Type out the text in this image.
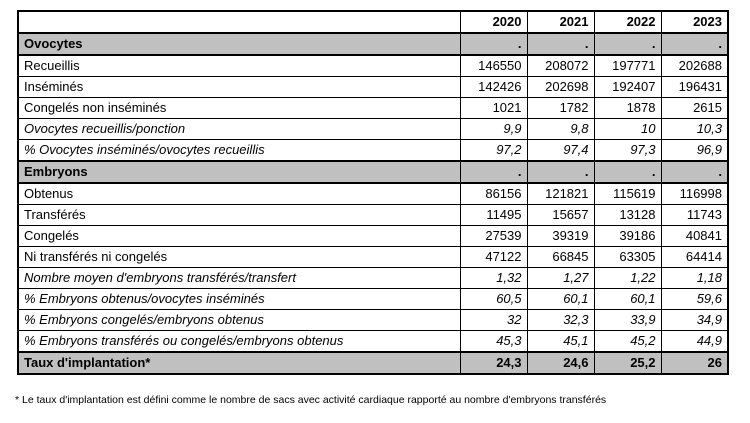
	2020	2021	2022	2023
Ovocytes	.	.	.	.
Recueillis	146550	208072	197771	202688
Inséminés	142426	202698	192407	196431
Congelés non inséminés	1021	1782	1878	2615
Ovocytes recueillis/ponction	9,9	9,8	10	10,3
% Ovocytes inséminés/ovocytes recueillis	97,2	97,4	97,3	96,9
Embryons	.	.	.	.
Obtenus	86156	121821	115619	116998
Transférés	11495	15657	13128	11743
Congelés	27539	39319	39186	40841
Ni transférés ni congelés	47122	66845	63305	64414
Nombre moyen d'embryons transférés/transfert	1,32	1,27	1,22	1,18
% Embryons obtenus/ovocytes inséminés	60,5	60,1	60,1	59,6
% Embryons congelés/embryons obtenus	32	32,3	33,9	34,9
% Embryons transférés ou congelés/embryons obtenus	45,3	45,1	45,2	44,9
Taux d'implantation*	24,3	24,6	25,2	26
* Le taux d'implantation est défini comme le nombre de sacs avec activité cardiaque rapporté au nombre d'embryons transférés
